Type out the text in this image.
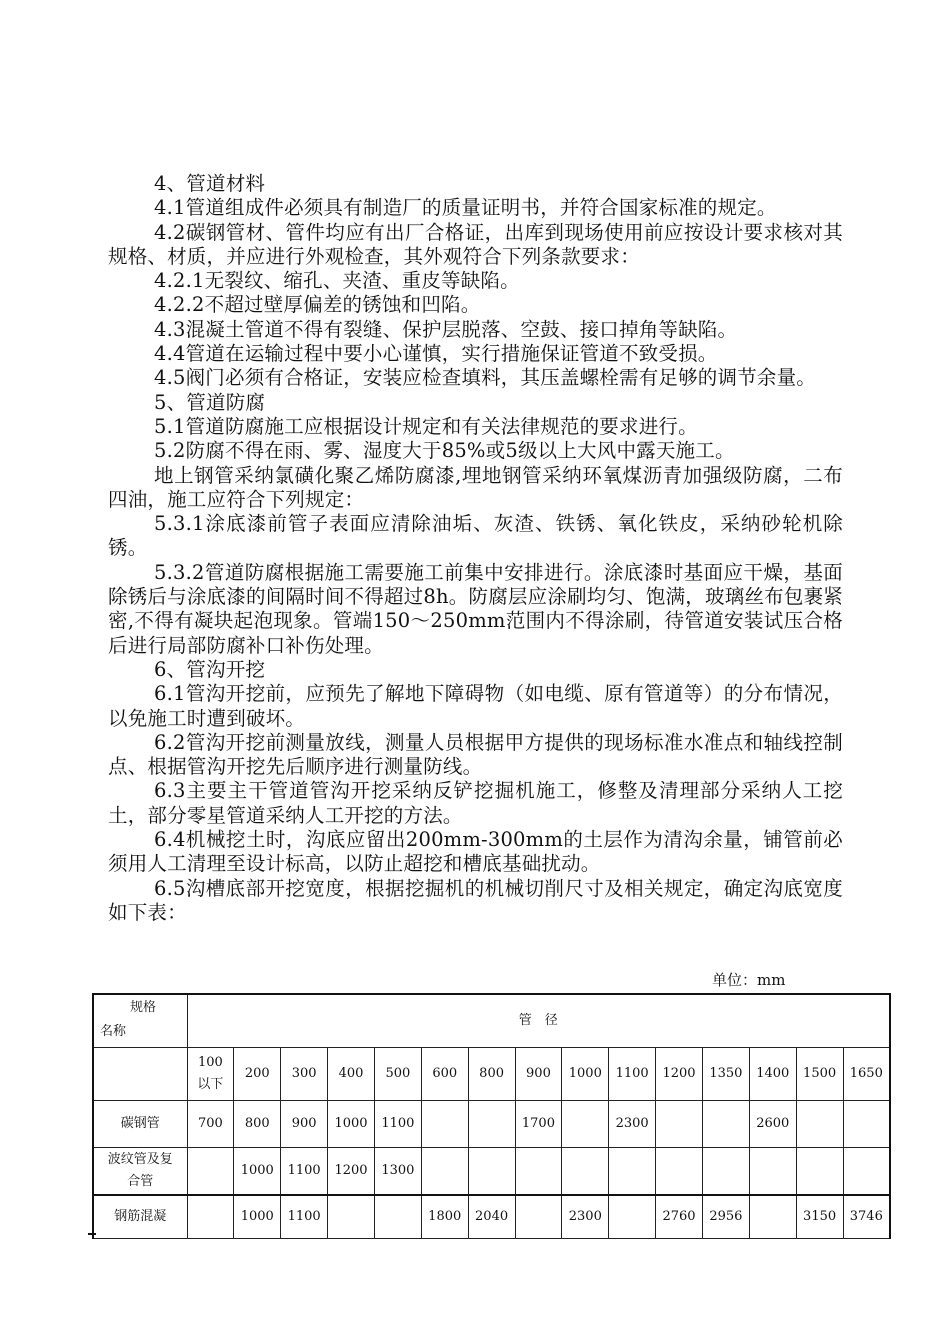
4、管道材料

4.1管道组成件必须具有制造厂的质量证明书，并符合国家标准的规定。

4.2碳钢管材、管件均应有出厂合格证，出库到现场使用前应按设计要求核对其规格、材质，并应进行外观检查，其外观符合下列条款要求：

4.2.1无裂纹、缩孔、夹渣、重皮等缺陷。

4.2.2不超过壁厚偏差的锈蚀和凹陷。

4.3混凝土管道不得有裂缝、保护层脱落、空鼓、接口掉角等缺陷。

4.4管道在运输过程中要小心谨慎，实行措施保证管道不致受损。

4.5阀门必须有合格证，安装应检查填料，其压盖螺栓需有足够的调节余量。

5、管道防腐

5.1管道防腐施工应根据设计规定和有关法律规范的要求进行。

5.2防腐不得在雨、雾、湿度大于85%或5级以上大风中露天施工。

地上钢管采纳氯磺化聚乙烯防腐漆,埋地钢管采纳环氧煤沥青加强级防腐，二布四油，施工应符合下列规定：

5.3.1涂底漆前管子表面应清除油垢、灰渣、铁锈、氧化铁皮，采纳砂轮机除锈。

5.3.2管道防腐根据施工需要施工前集中安排进行。涂底漆时基面应干燥，基面除锈后与涂底漆的间隔时间不得超过8h。防腐层应涂刷均匀、饱满，玻璃丝布包裹紧密,不得有凝块起泡现象。管端150～250mm范围内不得涂刷，待管道安装试压合格后进行局部防腐补口补伤处理。

6、管沟开挖

6.1管沟开挖前，应预先了解地下障碍物（如电缆、原有管道等）的分布情况，以免施工时遭到破坏。

6.2管沟开挖前测量放线，测量人员根据甲方提供的现场标准水准点和轴线控制点、根据管沟开挖先后顺序进行测量防线。

6.3主要主干管道管沟开挖采纳反铲挖掘机施工，修整及清理部分采纳人工挖土，部分零星管道采纳人工开挖的方法。

6.4机械挖土时，沟底应留出200mm-300mm的土层作为清沟余量，铺管前必须用人工清理至设计标高，以防止超挖和槽底基础扰动。

6.5沟槽底部开挖宽度，根据挖掘机的机械切削尺寸及相关规定，确定沟底宽度如下表：

单位：mm
规格
名称	管　径														
	100以下	200	300	400	500	600	800	900	1000	1100	1200	1350	1400	1500	1650
碳钢管	700	800	900	1000	1100			1700		2300			2600		
波纹管及复合管		1000	1100	1200	1300										
钢筋混凝		1000	1100			1800	2040		2300		2760	2956		3150	3746
